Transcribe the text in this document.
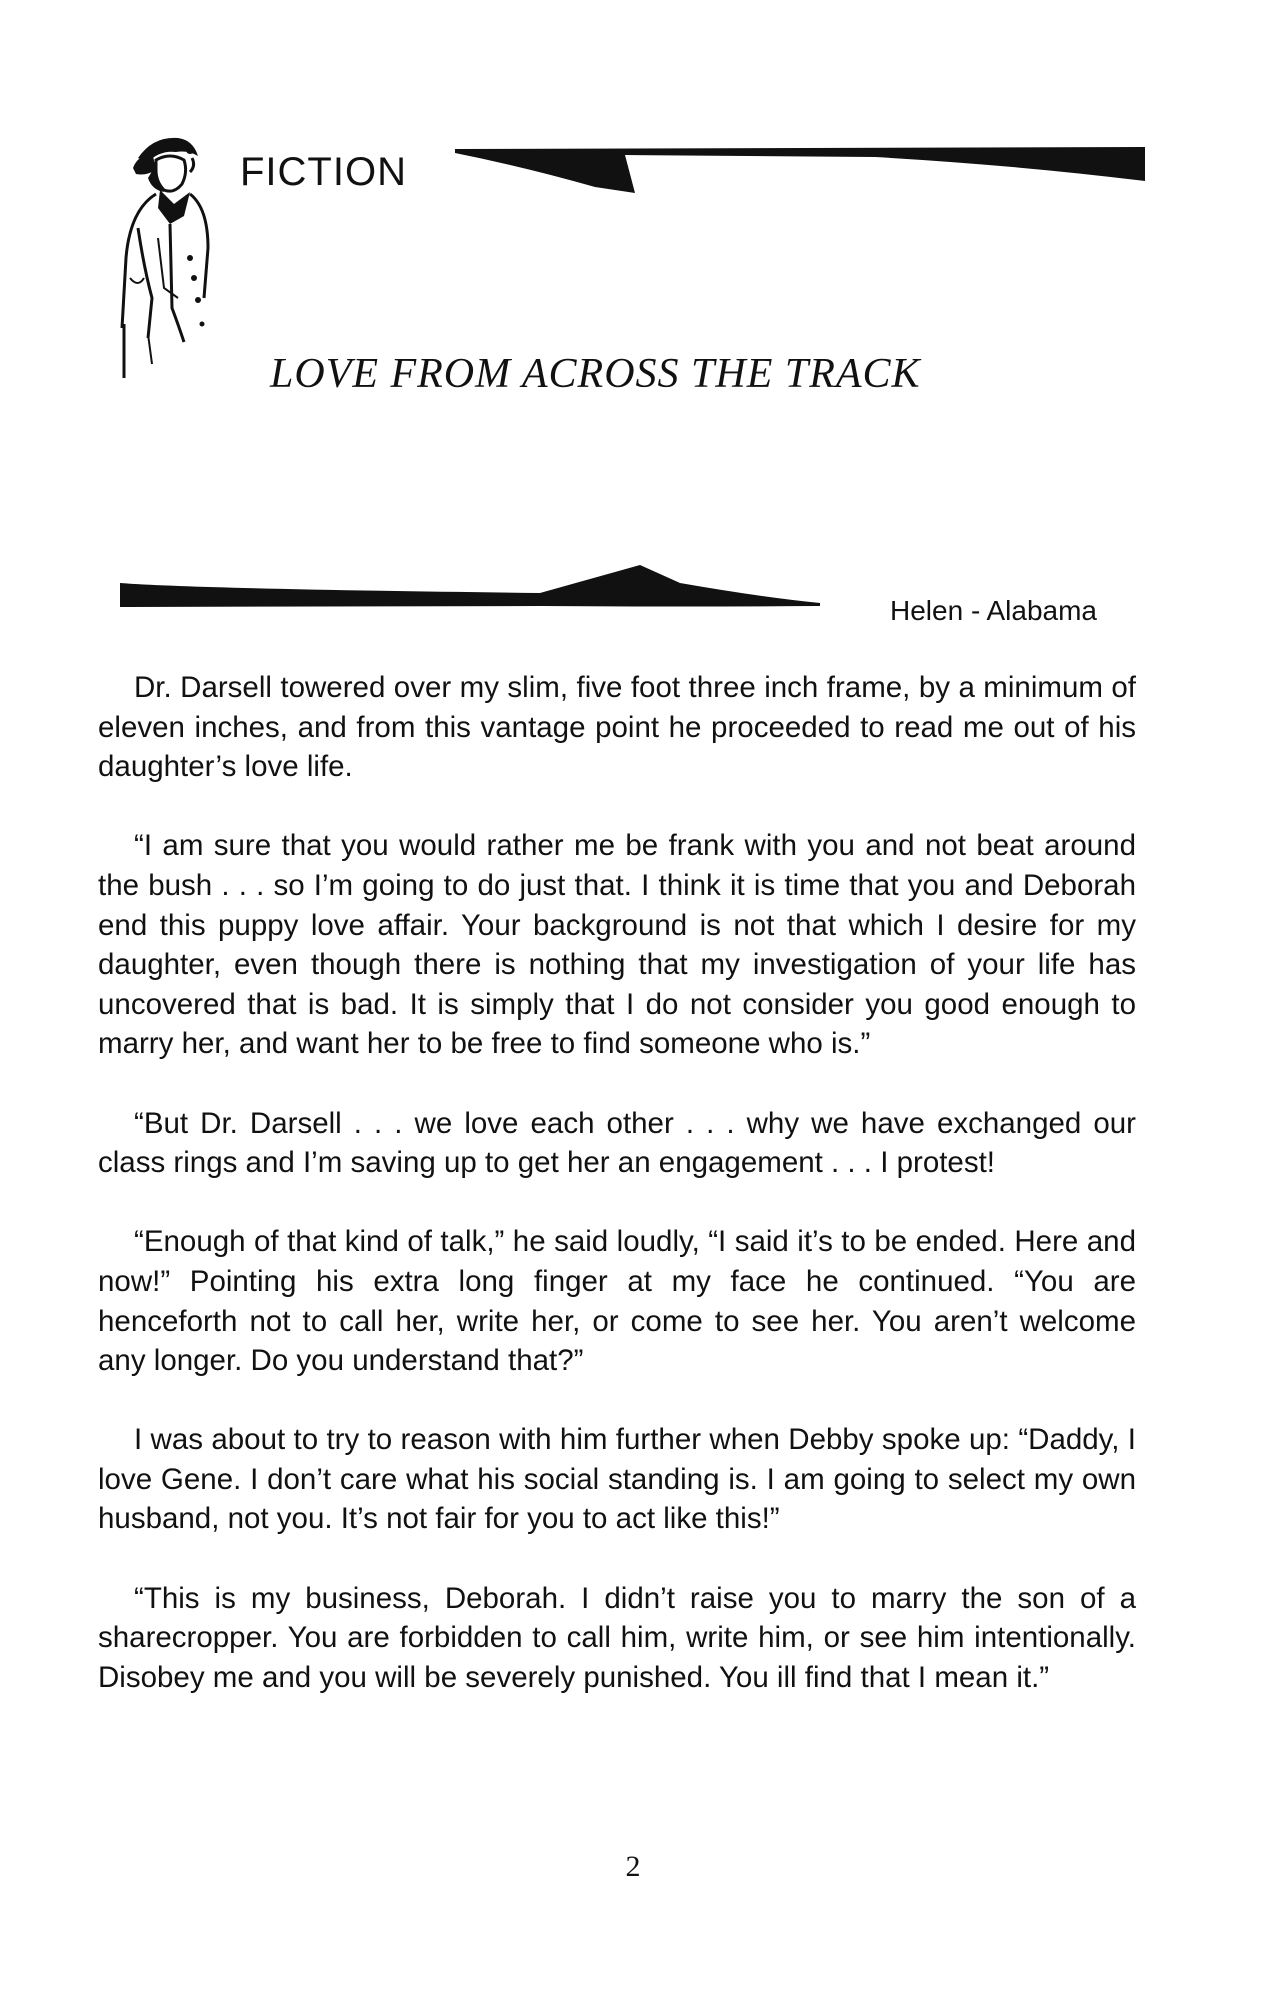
FICTION
LOVE FROM ACROSS THE TRACK
Helen - Alabama

Dr. Darsell towered over my slim, five foot three inch frame, by a minimum of eleven inches, and from this vantage point he proceeded to read me out of his daughter’s love life.

“I am sure that you would rather me be frank with you and not beat around the bush . . . so I’m going to do just that. I think it is time that you and Deborah end this puppy love affair. Your background is not that which I desire for my daughter, even though there is nothing that my investigation of your life has uncovered that is bad. It is simply that I do not consider you good enough to marry her, and want her to be free to find someone who is.”

“But Dr. Darsell . . . we love each other . . . why we have exchanged our class rings and I’m saving up to get her an engagement . . . I protest!

“Enough of that kind of talk,” he said loudly, “I said it’s to be ended. Here and now!” Pointing his extra long finger at my face he continued. “You are henceforth not to call her, write her, or come to see her. You aren’t welcome any longer. Do you understand that?”

I was about to try to reason with him further when Debby spoke up: “Daddy, I love Gene. I don’t care what his social standing is. I am going to select my own husband, not you. It’s not fair for you to act like this!”

“This is my business, Deborah. I didn’t raise you to marry the son of a sharecropper. You are forbidden to call him, write him, or see him intentionally. Disobey me and you will be severely punished. You ill find that I mean it.”

2
